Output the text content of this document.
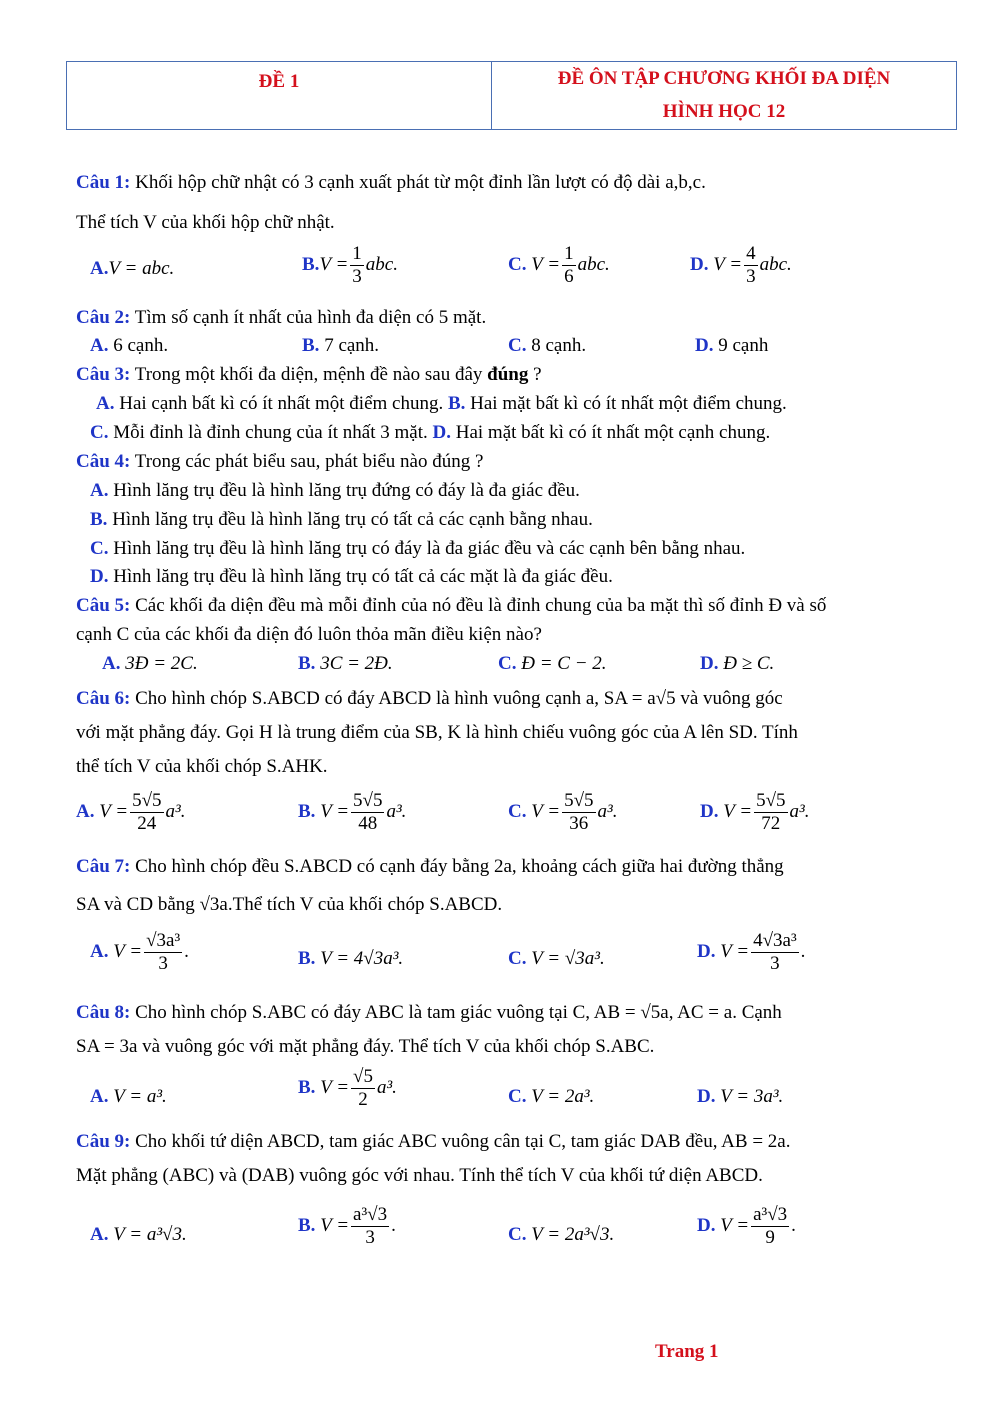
ĐỀ 1	ĐỀ ÔN TẬP CHƯƠNG KHỐI ĐA DIỆN
HÌNH HỌC 12
Câu 1: Khối hộp chữ nhật có 3 cạnh xuất phát từ một đỉnh lần lượt có độ dài a,b,c.
Thể tích V của khối hộp chữ nhật.
A.V = abc.	$B.V = \frac{1}{3}$ abc.	C. $V = \frac{1}{6}$ abc.	D. $V = \frac{4}{3}$ abc.
Câu 2: Tìm số cạnh ít nhất của hình đa diện có 5 mặt.
A. 6 cạnh.	B. 7 cạnh.	C. 8 cạnh.	D. 9 cạnh
Câu 3: Trong một khối đa diện, mệnh đề nào sau đây đúng ?
A. Hai cạnh bất kì có ít nhất một điểm chung. B. Hai mặt bất kì có ít nhất một điểm chung.
C. Mỗi đỉnh là đỉnh chung của ít nhất 3 mặt. D. Hai mặt bất kì có ít nhất một cạnh chung.
Câu 4: Trong các phát biểu sau, phát biểu nào đúng ?
A. Hình lăng trụ đều là hình lăng trụ đứng có đáy là đa giác đều.
B. Hình lăng trụ đều là hình lăng trụ có tất cả các cạnh bằng nhau.
C. Hình lăng trụ đều là hình lăng trụ có đáy là đa giác đều và các cạnh bên bằng nhau.
D. Hình lăng trụ đều là hình lăng trụ có tất cả các mặt là đa giác đều.
Câu 5: Các khối đa diện đều mà mỗi đỉnh của nó đều là đỉnh chung của ba mặt thì số đỉnh Đ và số
cạnh C của các khối đa diện đó luôn thỏa mãn điều kiện nào?
A. 3Đ = 2C.	B. 3C = 2Đ.	C. Đ = C − 2.	D. Đ ≥ C.
Câu 6: Cho hình chóp S.ABCD có đáy ABCD là hình vuông cạnh a, SA = a√5 và vuông góc
với mặt phẳng đáy. Gọi H là trung điểm của SB, K là hình chiếu vuông góc của A lên SD. Tính
thể tích V của khối chóp S.AHK.
A. $V = \frac{5√5}{24} a^3$.	B. $V = \frac{5√5}{48} a^3$.	C. $V = \frac{5√5}{36} a^3$.	D. $V = \frac{5√5}{72} a^3$.
Câu 7: Cho hình chóp đều S.ABCD có cạnh đáy bằng 2a, khoảng cách giữa hai đường thẳng
SA và CD bằng √3a.Thể tích V của khối chóp S.ABCD.
A. $V = \frac{\text{√3a³}}{3}$ .	B. V = 4√3a³.	C. V = √3a³.	D. $V = \frac{\text{4√3a³}}{3}$ .
Câu 8: Cho hình chóp S.ABC có đáy ABC là tam giác vuông tại C, AB = √5a, AC = a. Cạnh
SA = 3a và vuông góc với mặt phẳng đáy. Thể tích V của khối chóp S.ABC.
A. V = a³.	B. $V = \frac{√5}{2} a^3$.	C. V = 2a³.	D. V = 3a³.
Câu 9: Cho khối tứ diện ABCD, tam giác ABC vuông cân tại C, tam giác DAB đều, AB = 2a.
Mặt phẳng (ABC) và (DAB) vuông góc với nhau. Tính thể tích V của khối tứ diện ABCD.
A. V = a³√3.	B. $V = \frac{\text{a³√3}}{3}$ .	C. V = 2a³√3.	D. $V = \frac{\text{a³√3}}{9}$ .
Trang 1
